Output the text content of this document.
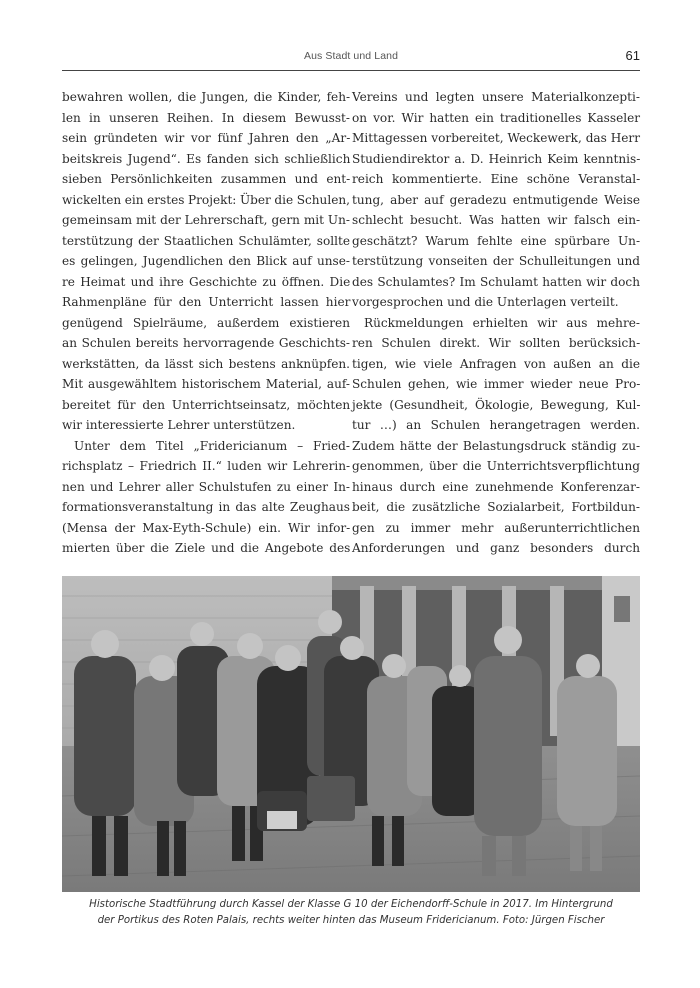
Aus Stadt und Land	61
bewahren wollen, die Jungen, die Kinder, feh-
len in unseren Reihen. In diesem Bewusst-
sein gründeten wir vor fünf Jahren den „Ar-
beitskreis Jugend“. Es fanden sich schließlich
sieben Persönlichkeiten zusammen und ent-
wickelten ein erstes Projekt: Über die Schulen,
gemeinsam mit der Lehrerschaft, gern mit Un-
terstützung der Staatlichen Schulämter, sollte
es gelingen, Jugendlichen den Blick auf unse-
re Heimat und ihre Geschichte zu öffnen. Die
Rahmenpläne für den Unterricht lassen hier
genügend Spielräume, außerdem existieren
an Schulen bereits hervorragende Geschichts-
werkstätten, da lässt sich bestens anknüpfen.
Mit ausgewähltem historischem Material, auf-
bereitet für den Unterrichtseinsatz, möchten
wir interessierte Lehrer unterstützen.
Unter dem Titel „Fridericianum – Fried-
richsplatz – Friedrich II.“ luden wir Lehrerin-
nen und Lehrer aller Schulstufen zu einer In-
formationsveranstaltung in das alte Zeughaus
(Mensa der Max-Eyth-Schule) ein. Wir infor-
mierten über die Ziele und die Angebote des
Vereins und legten unsere Materialkonzepti-
on vor. Wir hatten ein traditionelles Kasseler
Mittagessen vorbereitet, Weckewerk, das Herr
Studiendirektor a. D. Heinrich Keim kenntnis-
reich kommentierte. Eine schöne Veranstal-
tung, aber auf geradezu entmutigende Weise
schlecht besucht. Was hatten wir falsch ein-
geschätzt? Warum fehlte eine spürbare Un-
terstützung vonseiten der Schulleitungen und
des Schulamtes? Im Schulamt hatten wir doch
vorgesprochen und die Unterlagen verteilt.
Rückmeldungen erhielten wir aus mehre-
ren Schulen direkt. Wir sollten berücksich-
tigen, wie viele Anfragen von außen an die
Schulen gehen, wie immer wieder neue Pro-
jekte (Gesundheit, Ökologie, Bewegung, Kul-
tur …) an Schulen herangetragen werden.
Zudem hätte der Belastungsdruck ständig zu-
genommen, über die Unterrichtsverpflichtung
hinaus durch eine zunehmende Konferenzar-
beit, die zusätzliche Sozialarbeit, Fortbildun-
gen zu immer mehr außerunterrichtlichen
Anforderungen und ganz besonders durch
Historische Stadtführung durch Kassel der Klasse G 10 der Eichendorff-Schule in 2017. Im Hintergrund
der Portikus des Roten Palais, rechts weiter hinten das Museum Fridericianum. Foto: Jürgen Fischer
